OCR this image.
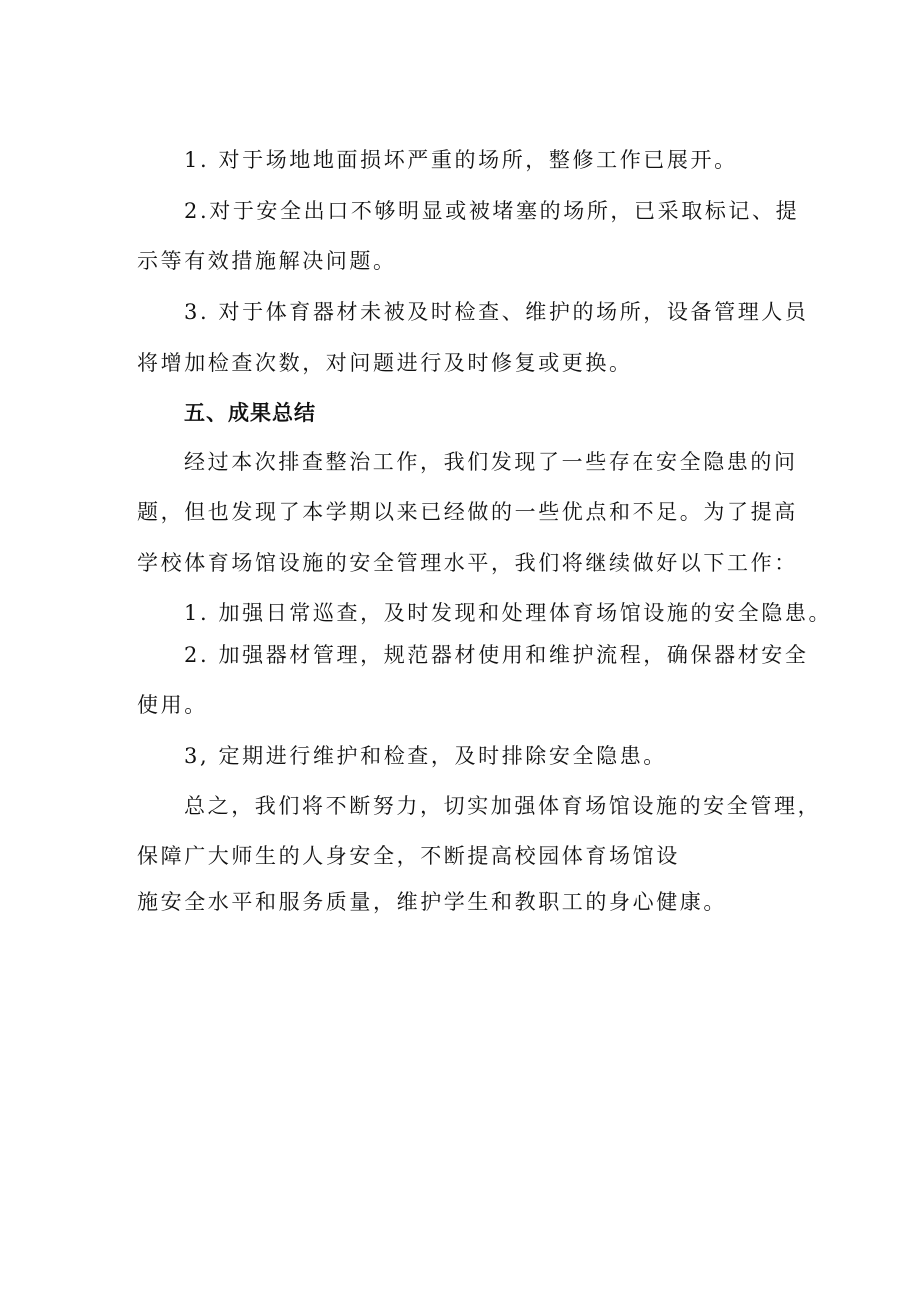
1. 对于场地地面损坏严重的场所，整修工作已展开。
2.对于安全出口不够明显或被堵塞的场所，已采取标记、提
示等有效措施解决问题。
3. 对于体育器材未被及时检查、维护的场所，设备管理人员
将增加检查次数，对问题进行及时修复或更换。
五、成果总结
经过本次排查整治工作，我们发现了一些存在安全隐患的问
题，但也发现了本学期以来已经做的一些优点和不足。为了提高
学校体育场馆设施的安全管理水平，我们将继续做好以下工作：
1. 加强日常巡查，及时发现和处理体育场馆设施的安全隐患。
2. 加强器材管理，规范器材使用和维护流程，确保器材安全
使用。
3, 定期进行维护和检查，及时排除安全隐患。
总之，我们将不断努力，切实加强体育场馆设施的安全管理，
保障广大师生的人身安全，不断提高校园体育场馆设
施安全水平和服务质量，维护学生和教职工的身心健康。
